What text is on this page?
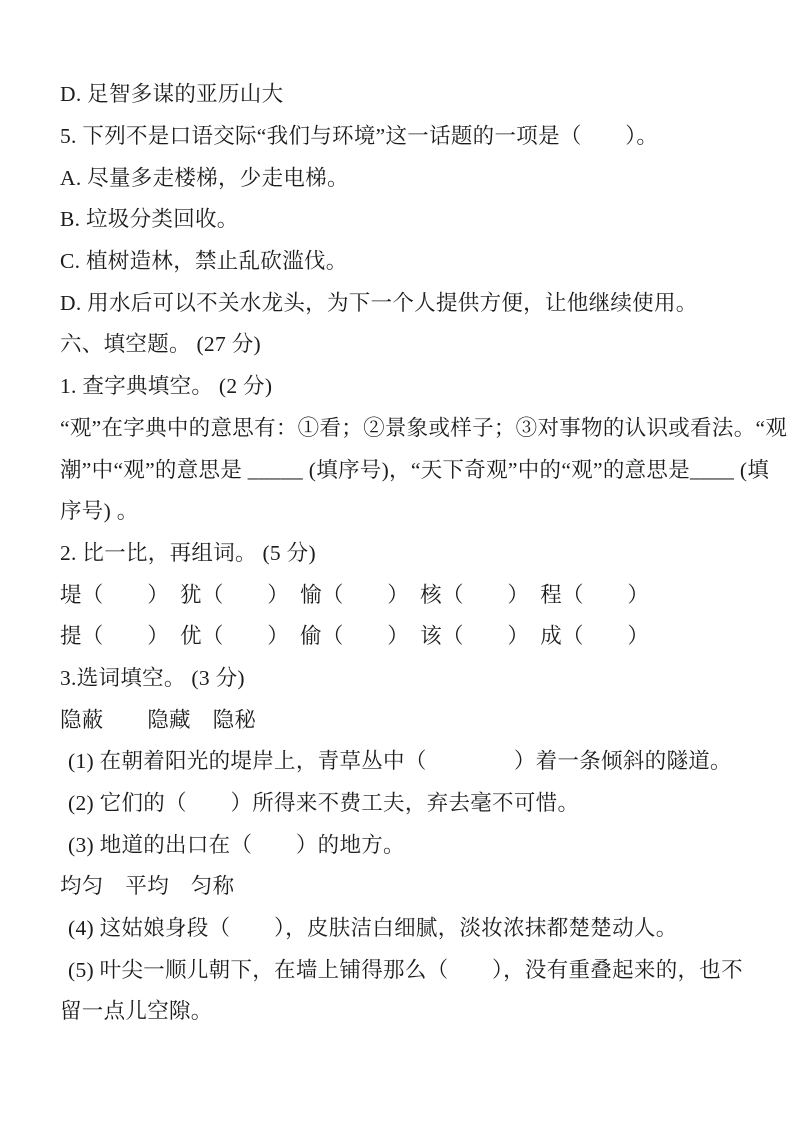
D. 足智多谋的亚历山大
5. 下列不是口语交际“我们与环境”这一话题的一项是（　　）。
A. 尽量多走楼梯，少走电梯。
B. 垃圾分类回收。
C. 植树造林，禁止乱砍滥伐。
D. 用水后可以不关水龙头，为下一个人提供方便，让他继续使用。
六、填空题。 (27 分)
1. 查字典填空。 (2 分)
“观”在字典中的意思有：①看；②景象或样子；③对事物的认识或看法。“观
潮”中“观”的意思是 _____ (填序号)，“天下奇观”中的“观”的意思是____ (填
序号) 。
2. 比一比，再组词。 (5 分)
堤（　　）　犹（　　）　愉（　　）　核（　　）　程（　　）
提（　　）　优（　　）　偷（　　）　该（　　）　成（　　）
3.选词填空。 (3 分)
隐蔽　　隐藏　隐秘
(1) 在朝着阳光的堤岸上，青草丛中（　　　　）着一条倾斜的隧道。
(2) 它们的（　　）所得来不费工夫，弃去毫不可惜。
(3) 地道的出口在（　　）的地方。
均匀　平均　匀称
(4) 这姑娘身段（　　），皮肤洁白细腻，淡妆浓抹都楚楚动人。
(5) 叶尖一顺儿朝下，在墙上铺得那么（　　），没有重叠起来的，也不
留一点儿空隙。
